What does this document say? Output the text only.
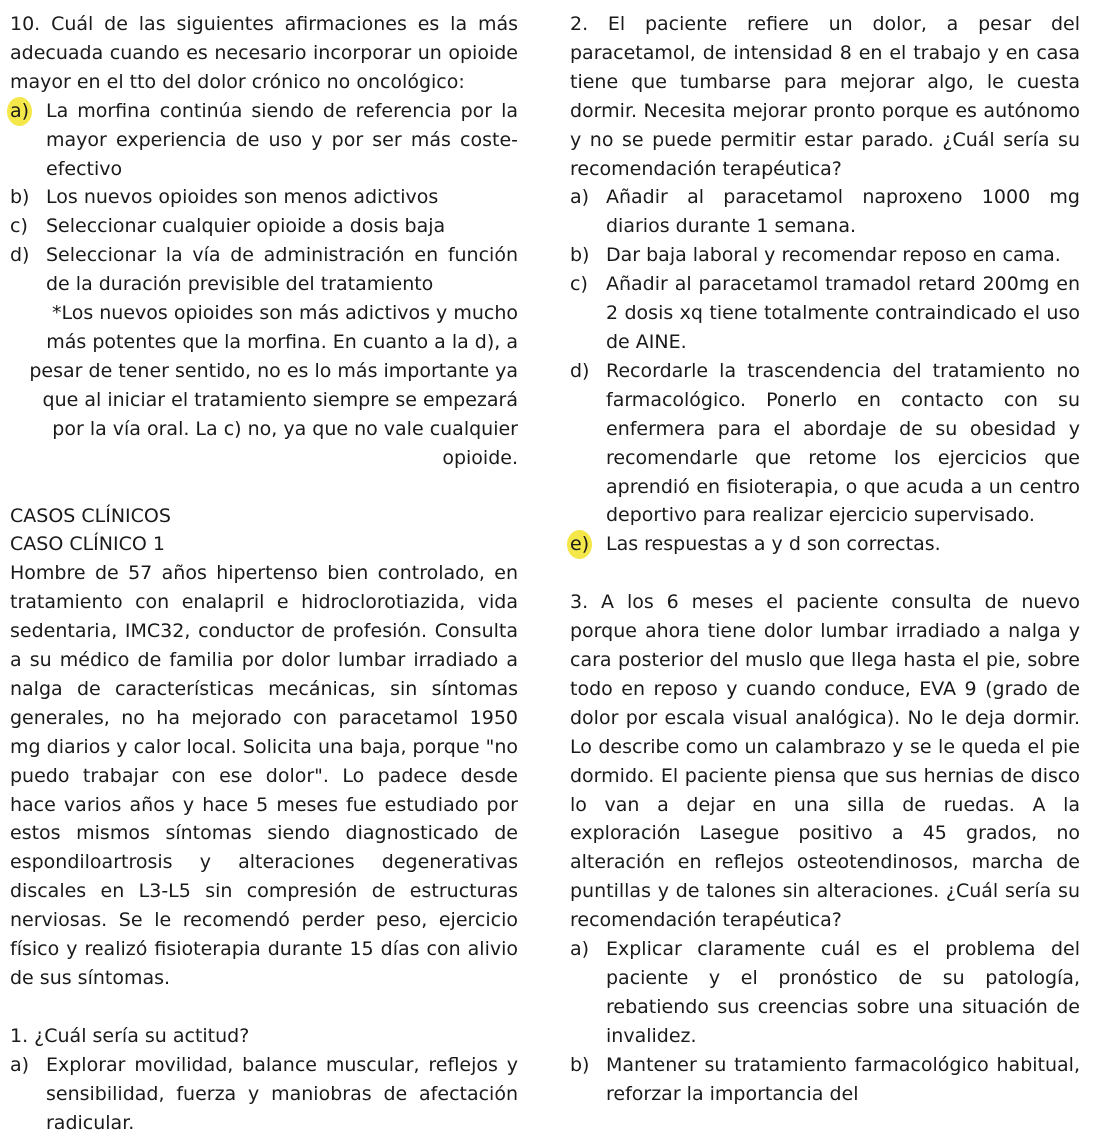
10. Cuál de las siguientes afirmaciones es la más adecuada cuando es necesario incorporar un opioide mayor en el tto del dolor crónico no oncológico:

a) La morfina continúa siendo de referencia por la mayor experiencia de uso y por ser más coste-efectivo
b) Los nuevos opioides son menos adictivos
c) Seleccionar cualquier opioide a dosis baja
d) Seleccionar la vía de administración en función de la duración previsible del tratamiento

*Los nuevos opioides son más adictivos y mucho más potentes que la morfina. En cuanto a la d), a pesar de tener sentido, no es lo más importante ya que al iniciar el tratamiento siempre se empezará por la vía oral. La c) no, ya que no vale cualquier opioide.

CASOS CLÍNICOS

CASO CLÍNICO 1

Hombre de 57 años hipertenso bien controlado, en tratamiento con enalapril e hidroclorotiazida, vida sedentaria, IMC32, conductor de profesión. Consulta a su médico de familia por dolor lumbar irradiado a nalga de características mecánicas, sin síntomas generales, no ha mejorado con paracetamol 1950 mg diarios y calor local. Solicita una baja, porque "no puedo trabajar con ese dolor". Lo padece desde hace varios años y hace 5 meses fue estudiado por estos mismos síntomas siendo diagnosticado de espondiloartrosis y alteraciones degenerativas discales en L3-L5 sin compresión de estructuras nerviosas. Se le recomendó perder peso, ejercicio físico y realizó fisioterapia durante 15 días con alivio de sus síntomas.

1. ¿Cuál sería su actitud?

a) Explorar movilidad, balance muscular, reflejos y sensibilidad, fuerza y maniobras de afectación radicular.

2. El paciente refiere un dolor, a pesar del paracetamol, de intensidad 8 en el trabajo y en casa tiene que tumbarse para mejorar algo, le cuesta dormir. Necesita mejorar pronto porque es autónomo y no se puede permitir estar parado. ¿Cuál sería su recomendación terapéutica?

a) Añadir al paracetamol naproxeno 1000 mg diarios durante 1 semana.
b) Dar baja laboral y recomendar reposo en cama.
c) Añadir al paracetamol tramadol retard 200mg en 2 dosis xq tiene totalmente contraindicado el uso de AINE.
d) Recordarle la trascendencia del tratamiento no farmacológico. Ponerlo en contacto con su enfermera para el abordaje de su obesidad y recomendarle que retome los ejercicios que aprendió en fisioterapia, o que acuda a un centro deportivo para realizar ejercicio supervisado.
e) Las respuestas a y d son correctas.

3. A los 6 meses el paciente consulta de nuevo porque ahora tiene dolor lumbar irradiado a nalga y cara posterior del muslo que llega hasta el pie, sobre todo en reposo y cuando conduce, EVA 9 (grado de dolor por escala visual analógica). No le deja dormir. Lo describe como un calambrazo y se le queda el pie dormido. El paciente piensa que sus hernias de disco lo van a dejar en una silla de ruedas. A la exploración Lasegue positivo a 45 grados, no alteración en reflejos osteotendinosos, marcha de puntillas y de talones sin alteraciones. ¿Cuál sería su recomendación terapéutica?

a) Explicar claramente cuál es el problema del paciente y el pronóstico de su patología, rebatiendo sus creencias sobre una situación de invalidez.
b) Mantener su tratamiento farmacológico habitual, reforzar la importancia del
